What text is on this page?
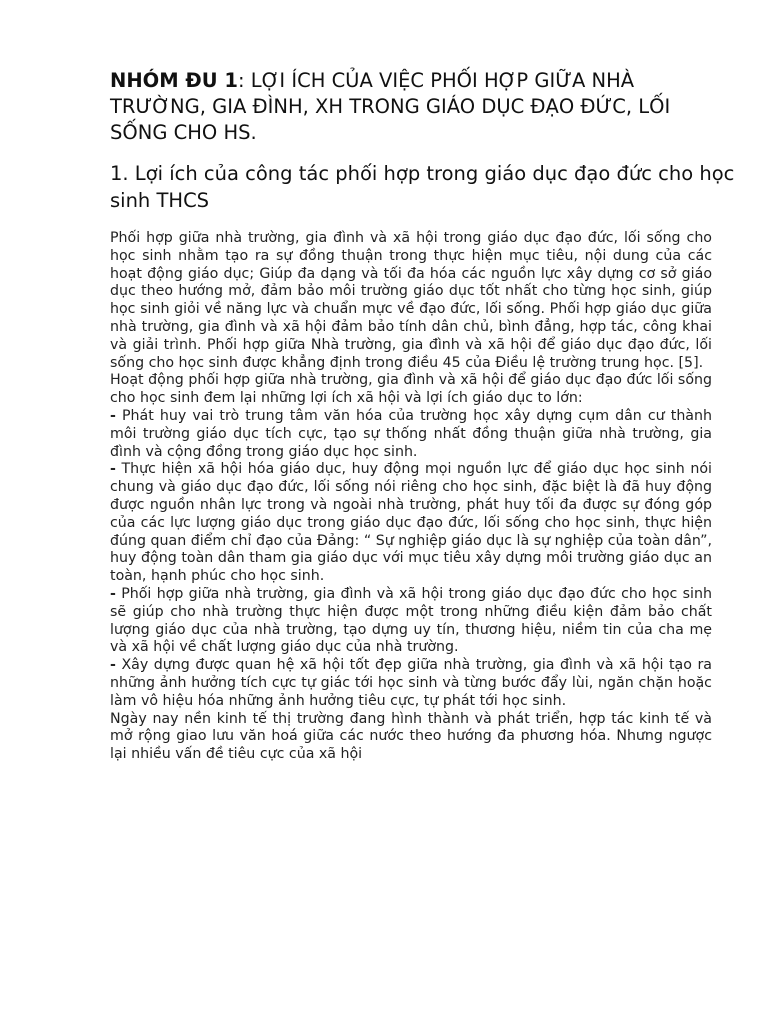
NHÓM ĐU 1: LỢI ÍCH CỦA VIỆC PHỐI HỢP GIỮA NHÀ TRƯỜNG, GIA ĐÌNH, XH TRONG GIÁO DỤC ĐẠO ĐỨC, LỐI SỐNG CHO HS.
1. Lợi ích của công tác phối hợp trong giáo dục đạo đức cho học sinh THCS

Phối hợp giữa nhà trường, gia đình và xã hội trong giáo dục đạo đức, lối sống cho học sinh nhằm tạo ra sự đồng thuận trong thực hiện mục tiêu, nội dung của các hoạt động giáo dục; Giúp đa dạng và tối đa hóa các nguồn lực xây dựng cơ sở giáo dục theo hướng mở, đảm bảo môi trường giáo dục tốt nhất cho từng học sinh, giúp học sinh giỏi về năng lực và chuẩn mực về đạo đức, lối sống. Phối hợp giáo dục giữa nhà trường, gia đình và xã hội đảm bảo tính dân chủ, bình đẳng, hợp tác, công khai và giải trình. Phối hợp giữa Nhà trường, gia đình và xã hội để giáo dục đạo đức, lối sống cho học sinh được khẳng định trong điều 45 của Điều lệ trường trung học. [5].

Hoạt động phối hợp giữa nhà trường, gia đình và xã hội để giáo dục đạo đức lối sống cho học sinh đem lại những lợi ích xã hội và lợi ích giáo dục to lớn:

- Phát huy vai trò trung tâm văn hóa của trường học xây dựng cụm dân cư thành môi trường giáo dục tích cực, tạo sự thống nhất đồng thuận giữa nhà trường, gia đình và cộng đồng trong giáo dục học sinh.

- Thực hiện xã hội hóa giáo dục, huy động mọi nguồn lực để giáo dục học sinh nói chung và giáo dục đạo đức, lối sống nói riêng cho học sinh, đặc biệt là đã huy động được nguồn nhân lực trong và ngoài nhà trường, phát huy tối đa được sự đóng góp của các lực lượng giáo dục trong giáo dục đạo đức, lối sống cho học sinh, thực hiện đúng quan điểm chỉ đạo của Đảng: “ Sự nghiệp giáo dục là sự nghiệp của toàn dân”, huy động toàn dân tham gia giáo dục với mục tiêu xây dựng môi trường giáo dục an toàn, hạnh phúc cho học sinh.

- Phối hợp giữa nhà trường, gia đình và xã hội trong giáo dục đạo đức cho học sinh sẽ giúp cho nhà trường thực hiện được một trong những điều kiện đảm bảo chất lượng giáo dục của nhà trường, tạo dựng uy tín, thương hiệu, niềm tin của cha mẹ và xã hội về chất lượng giáo dục của nhà trường.

- Xây dựng được quan hệ xã hội tốt đẹp giữa nhà trường, gia đình và xã hội tạo ra những ảnh hưởng tích cực tự giác tới học sinh và từng bước đẩy lùi, ngăn chặn hoặc làm vô hiệu hóa những ảnh hưởng tiêu cực, tự phát tới học sinh.

Ngày nay nền kinh tế thị trường đang hình thành và phát triển, hợp tác kinh tế và mở rộng giao lưu văn hoá giữa các nước theo hướng đa phương hóa. Nhưng ngược lại nhiều vấn đề tiêu cực của xã hội
